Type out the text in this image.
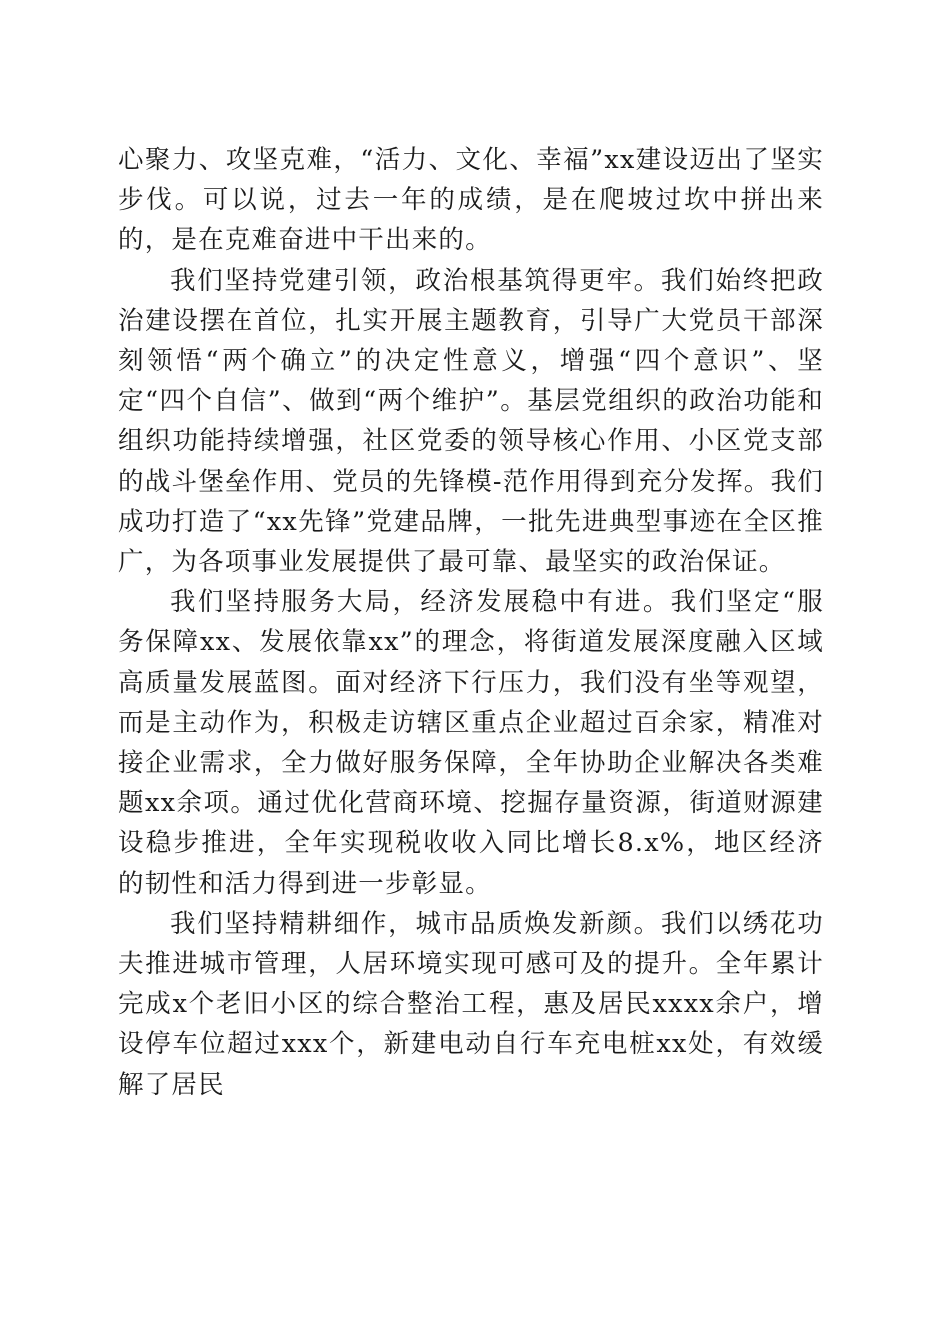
心聚力、攻坚克难，“活力、文化、幸福”xx建设迈出了坚实步伐。可以说，过去一年的成绩，是在爬坡过坎中拼出来的，是在克难奋进中干出来的。

我们坚持党建引领，政治根基筑得更牢。我们始终把政治建设摆在首位，扎实开展主题教育，引导广大党员干部深刻领悟“两个确立”的决定性意义，增强“四个意识”、坚定“四个自信”、做到“两个维护”。基层党组织的政治功能和组织功能持续增强，社区党委的领导核心作用、小区党支部的战斗堡垒作用、党员的先锋模-范作用得到充分发挥。我们成功打造了“xx先锋”党建品牌，一批先进典型事迹在全区推广，为各项事业发展提供了最可靠、最坚实的政治保证。

我们坚持服务大局，经济发展稳中有进。我们坚定“服务保障xx、发展依靠xx”的理念，将街道发展深度融入区域高质量发展蓝图。面对经济下行压力，我们没有坐等观望，而是主动作为，积极走访辖区重点企业超过百余家，精准对接企业需求，全力做好服务保障，全年协助企业解决各类难题xx余项。通过优化营商环境、挖掘存量资源，街道财源建设稳步推进，全年实现税收收入同比增长8.x%，地区经济的韧性和活力得到进一步彰显。

我们坚持精耕细作，城市品质焕发新颜。我们以绣花功夫推进城市管理，人居环境实现可感可及的提升。全年累计完成x个老旧小区的综合整治工程，惠及居民xxxx余户，增设停车位超过xxx个，新建电动自行车充电桩xx处，有效缓解了居民
